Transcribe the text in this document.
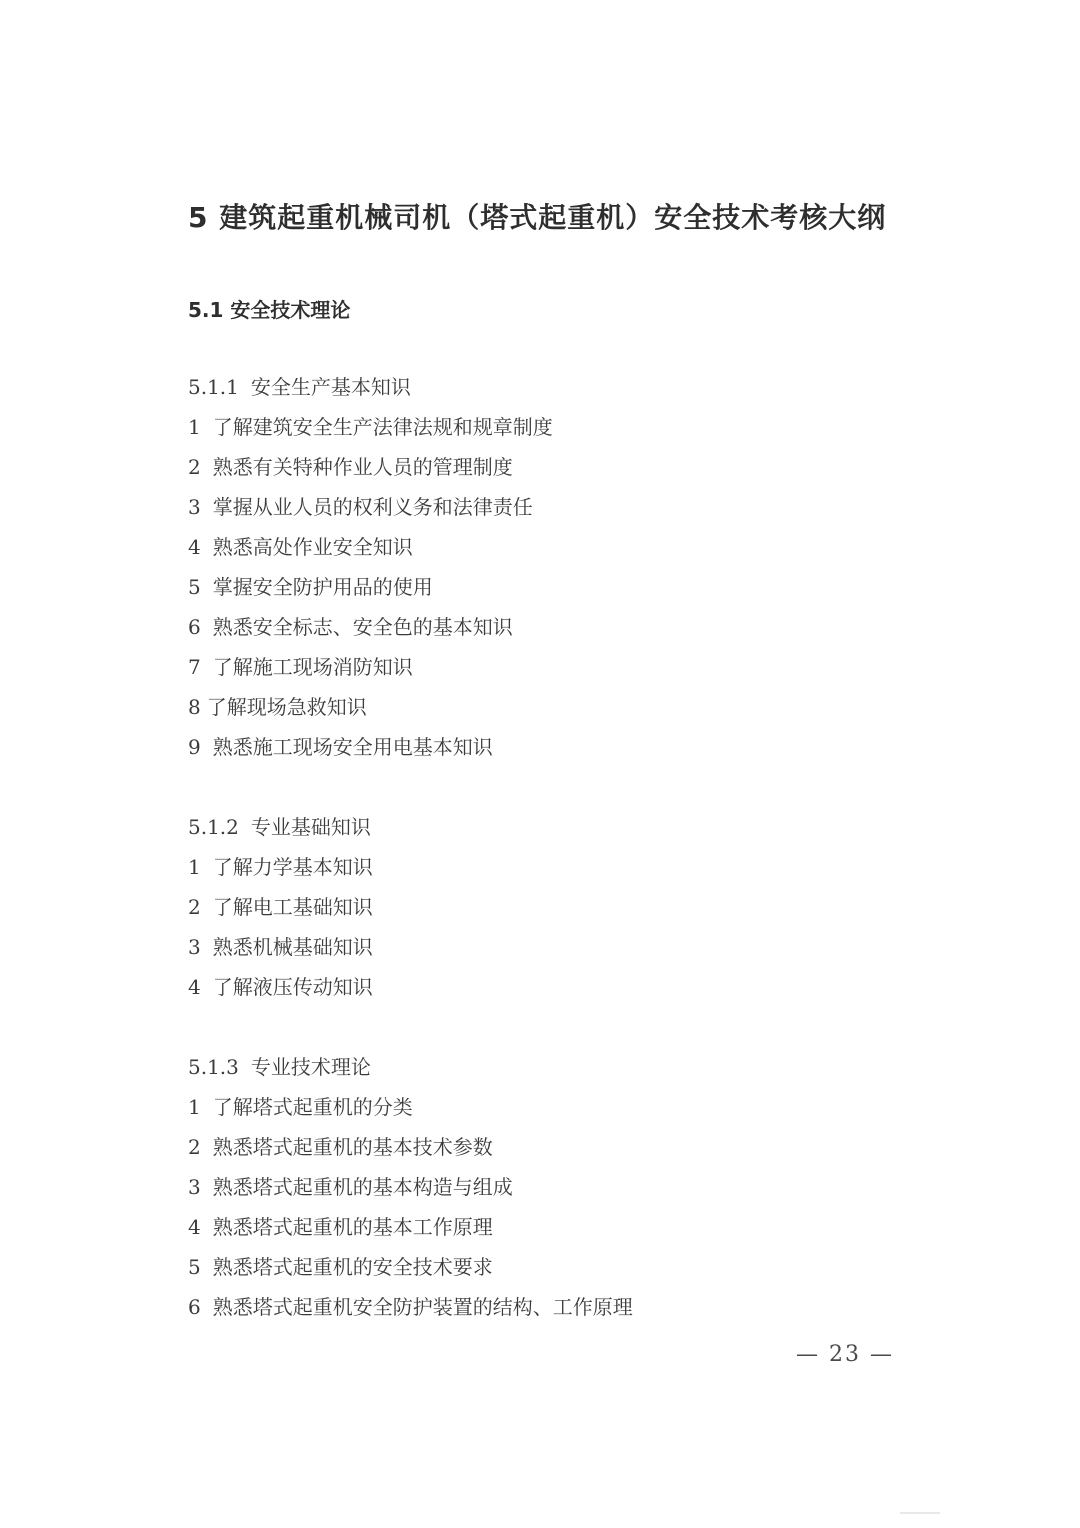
5 建筑起重机械司机（塔式起重机）安全技术考核大纲
5.1 安全技术理论
5.1.1 安全生产基本知识
1 了解建筑安全生产法律法规和规章制度
2 熟悉有关特种作业人员的管理制度
3 掌握从业人员的权利义务和法律责任
4 熟悉高处作业安全知识
5 掌握安全防护用品的使用
6 熟悉安全标志、安全色的基本知识
7 了解施工现场消防知识
8 了解现场急救知识
9 熟悉施工现场安全用电基本知识
5.1.2 专业基础知识
1 了解力学基本知识
2 了解电工基础知识
3 熟悉机械基础知识
4 了解液压传动知识
5.1.3 专业技术理论
1 了解塔式起重机的分类
2 熟悉塔式起重机的基本技术参数
3 熟悉塔式起重机的基本构造与组成
4 熟悉塔式起重机的基本工作原理
5 熟悉塔式起重机的安全技术要求
6 熟悉塔式起重机安全防护装置的结构、工作原理
— 23 —
